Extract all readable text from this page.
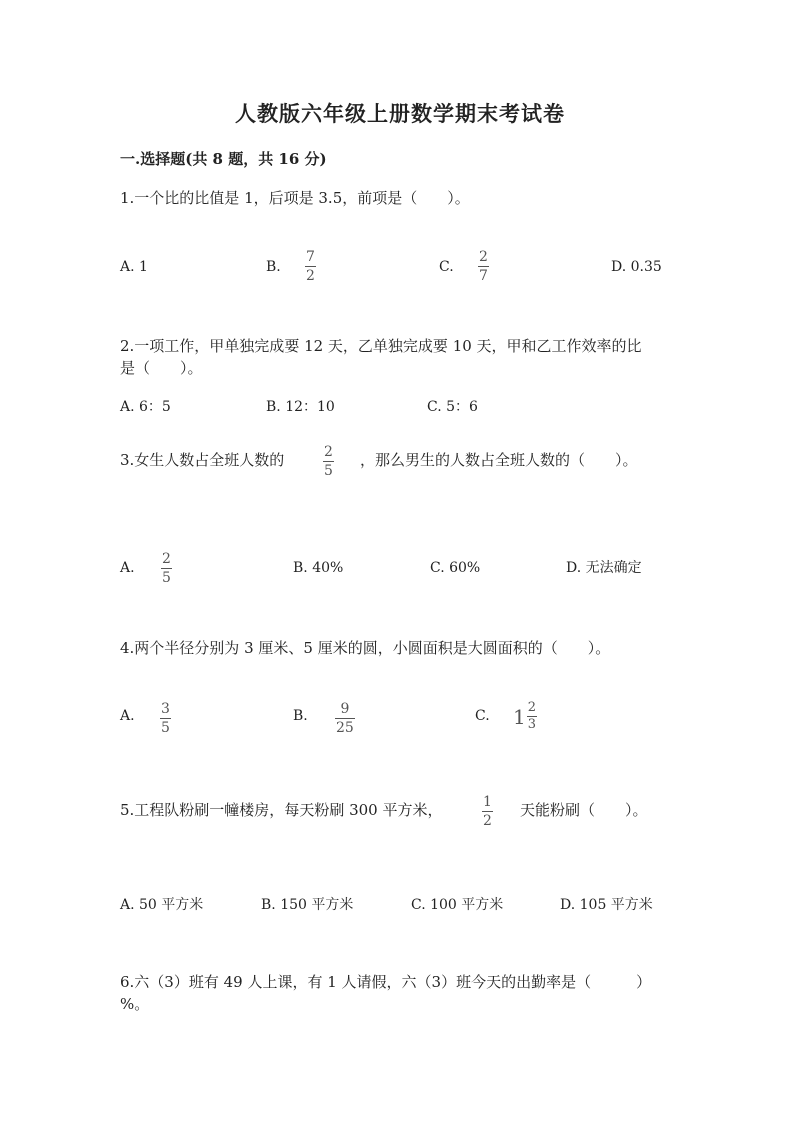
人教版六年级上册数学期末考试卷
一.选择题(共 8 题，共 16 分)
1.一个比的比值是 1，后项是 3.5，前项是（　　）。
A. 1	B.
7
2
C.
2
7
D. 0.35
2.一项工作，甲单独完成要 12 天，乙单独完成要 10 天，甲和乙工作效率的比
是（　　）。
A. 6：5	B. 12：10	C. 5：6
3.女生人数占全班人数的	2
5
，那么男生的人数占全班人数的（　　）。
A.
2
5
B. 40%	C. 60%	D. 无法确定
4.两个半径分别为 3 厘米、5 厘米的圆，小圆面积是大圆面积的（　　）。
A. 3
5
B. 9
25
C. $1 \frac{2}{3}$
5.工程队粉刷一幢楼房，每天粉刷 300 平方米，	1
2
天能粉刷（　　）。
A. 50 平方米	B. 150 平方米	C. 100 平方米	D. 105 平方米
6.六（3）班有 49 人上课，有 1 人请假，六（3）班今天的出勤率是（　　　）
%。
